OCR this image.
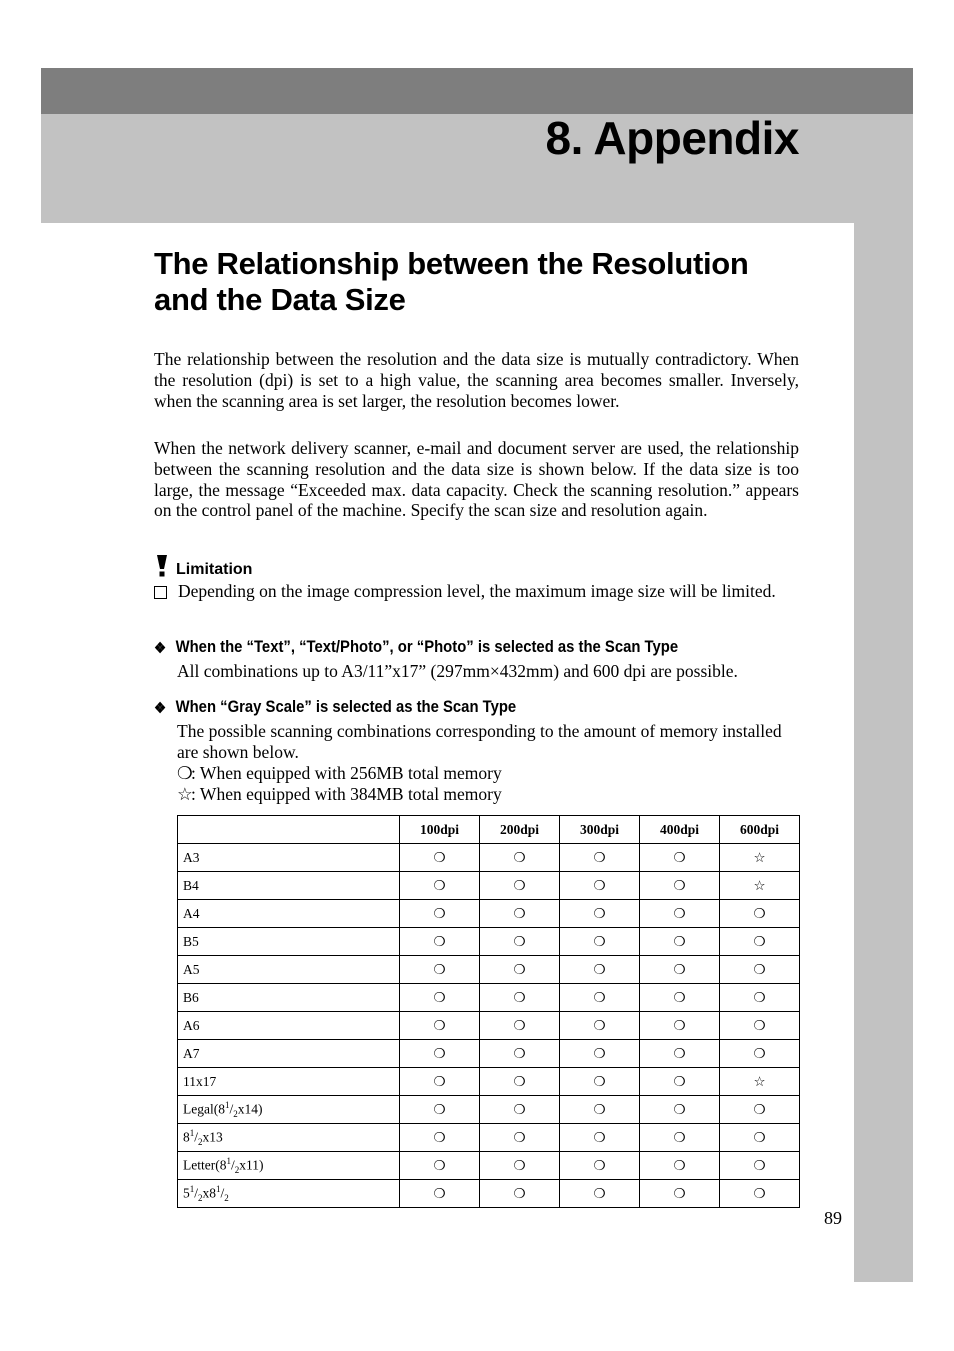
8. Appendix
The Relationship between the Resolution
and the Data Size

The relationship between the resolution and the data size is mutually contradictory. When the resolution (dpi) is set to a high value, the scanning area becomes smaller. Inversely, when the scanning area is set larger, the resolution becomes lower.

When the network delivery scanner, e-mail and document server are used, the relationship between the scanning resolution and the data size is shown below. If the data size is too large, the message “Exceeded max. data capacity. Check the scanning resolution.” appears on the control panel of the machine. Specify the scan size and resolution again.

Limitation
Depending on the image compression level, the maximum image size will be limited.
❖ When the “Text”, “Text/Photo”, or “Photo” is selected as the Scan Type

All combinations up to A3/11”x17” (297mm×432mm) and 600 dpi are possible.

❖ When “Gray Scale” is selected as the Scan Type

The possible scanning combinations corresponding to the amount of memory installed are shown below.

❍
: When equipped with 256MB total memory
☆
: When equipped with 384MB total memory
	100dpi	200dpi	300dpi	400dpi	600dpi
A3	❍	❍	❍	❍	☆
B4	❍	❍	❍	❍	☆
A4	❍	❍	❍	❍	❍
B5	❍	❍	❍	❍	❍
A5	❍	❍	❍	❍	❍
B6	❍	❍	❍	❍	❍
A6	❍	❍	❍	❍	❍
A7	❍	❍	❍	❍	❍
11x17	❍	❍	❍	❍	☆
$Legal(8^1/_2x14)$	❍	❍	❍	❍	❍
$8^1/_2x13$	❍	❍	❍	❍	❍
$Letter(8^1/_2x11)$	❍	❍	❍	❍	❍
$5^1/_2x8^1/_2$	❍	❍	❍	❍	❍
89
